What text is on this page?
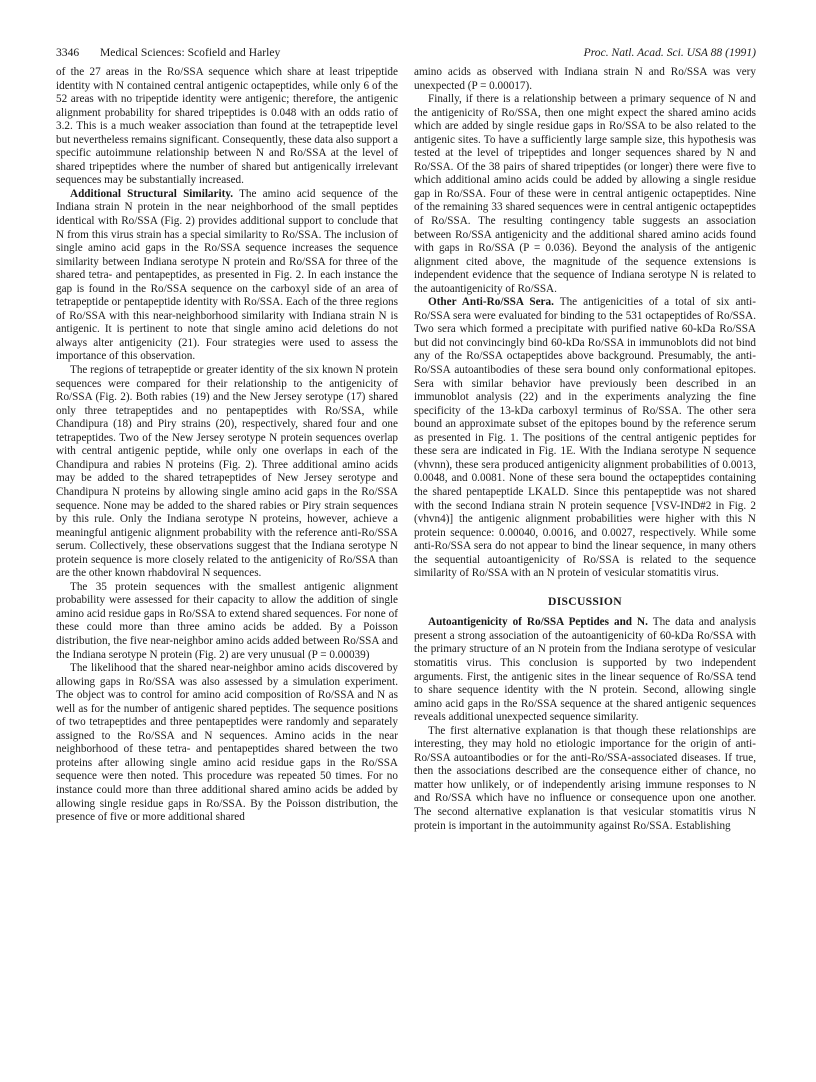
3346 Medical Sciences: Scofield and Harley	Proc. Natl. Acad. Sci. USA 88 (1991)

of the 27 areas in the Ro/SSA sequence which share at least tripeptide identity with N contained central antigenic octapeptides, while only 6 of the 52 areas with no tripeptide identity were antigenic; therefore, the antigenic alignment probability for shared tripeptides is 0.048 with an odds ratio of 3.2. This is a much weaker association than found at the tetrapeptide level but nevertheless remains significant. Consequently, these data also support a specific autoimmune relationship between N and Ro/SSA at the level of shared tripeptides where the number of shared but antigenically irrelevant sequences may be substantially increased.

Additional Structural Similarity. The amino acid sequence of the Indiana strain N protein in the near neighborhood of the small peptides identical with Ro/SSA (Fig. 2) provides additional support to conclude that N from this virus strain has a special similarity to Ro/SSA. The inclusion of single amino acid gaps in the Ro/SSA sequence increases the sequence similarity between Indiana serotype N protein and Ro/SSA for three of the shared tetra- and pentapeptides, as presented in Fig. 2. In each instance the gap is found in the Ro/SSA sequence on the carboxyl side of an area of tetrapeptide or pentapeptide identity with Ro/SSA. Each of the three regions of Ro/SSA with this near-neighborhood similarity with Indiana strain N is antigenic. It is pertinent to note that single amino acid deletions do not always alter antigenicity (21). Four strategies were used to assess the importance of this observation.

The regions of tetrapeptide or greater identity of the six known N protein sequences were compared for their relationship to the antigenicity of Ro/SSA (Fig. 2). Both rabies (19) and the New Jersey serotype (17) shared only three tetrapeptides and no pentapeptides with Ro/SSA, while Chandipura (18) and Piry strains (20), respectively, shared four and one tetrapeptides. Two of the New Jersey serotype N protein sequences overlap with central antigenic peptide, while only one overlaps in each of the Chandipura and rabies N proteins (Fig. 2). Three additional amino acids may be added to the shared tetrapeptides of New Jersey serotype and Chandipura N proteins by allowing single amino acid gaps in the Ro/SSA sequence. None may be added to the shared rabies or Piry strain sequences by this rule. Only the Indiana serotype N proteins, however, achieve a meaningful antigenic alignment probability with the reference anti-Ro/SSA serum. Collectively, these observations suggest that the Indiana serotype N protein sequence is more closely related to the antigenicity of Ro/SSA than are the other known rhabdoviral N sequences.

The 35 protein sequences with the smallest antigenic alignment probability were assessed for their capacity to allow the addition of single amino acid residue gaps in Ro/SSA to extend shared sequences. For none of these could more than three amino acids be added. By a Poisson distribution, the five near-neighbor amino acids added between Ro/SSA and the Indiana serotype N protein (Fig. 2) are very unusual (P = 0.00039)

The likelihood that the shared near-neighbor amino acids discovered by allowing gaps in Ro/SSA was also assessed by a simulation experiment. The object was to control for amino acid composition of Ro/SSA and N as well as for the number of antigenic shared peptides. The sequence positions of two tetrapeptides and three pentapeptides were randomly and separately assigned to the Ro/SSA and N sequences. Amino acids in the near neighborhood of these tetra- and pentapeptides shared between the two proteins after allowing single amino acid residue gaps in the Ro/SSA sequence were then noted. This procedure was repeated 50 times. For no instance could more than three additional shared amino acids be added by allowing single residue gaps in Ro/SSA. By the Poisson distribution, the presence of five or more additional shared

amino acids as observed with Indiana strain N and Ro/SSA was very unexpected (P = 0.00017).

Finally, if there is a relationship between a primary sequence of N and the antigenicity of Ro/SSA, then one might expect the shared amino acids which are added by single residue gaps in Ro/SSA to be also related to the antigenic sites. To have a sufficiently large sample size, this hypothesis was tested at the level of tripeptides and longer sequences shared by N and Ro/SSA. Of the 38 pairs of shared tripeptides (or longer) there were five to which additional amino acids could be added by allowing a single residue gap in Ro/SSA. Four of these were in central antigenic octapeptides. Nine of the remaining 33 shared sequences were in central antigenic octapeptides of Ro/SSA. The resulting contingency table suggests an association between Ro/SSA antigenicity and the additional shared amino acids found with gaps in Ro/SSA (P = 0.036). Beyond the analysis of the antigenic alignment cited above, the magnitude of the sequence extensions is independent evidence that the sequence of Indiana serotype N is related to the autoantigenicity of Ro/SSA.

Other Anti-Ro/SSA Sera. The antigenicities of a total of six anti-Ro/SSA sera were evaluated for binding to the 531 octapeptides of Ro/SSA. Two sera which formed a precipitate with purified native 60-kDa Ro/SSA but did not convincingly bind 60-kDa Ro/SSA in immunoblots did not bind any of the Ro/SSA octapeptides above background. Presumably, the anti-Ro/SSA autoantibodies of these sera bound only conformational epitopes. Sera with similar behavior have previously been described in an immunoblot analysis (22) and in the experiments analyzing the fine specificity of the 13-kDa carboxyl terminus of Ro/SSA. The other sera bound an approximate subset of the epitopes bound by the reference serum as presented in Fig. 1. The positions of the central antigenic peptides for these sera are indicated in Fig. 1E. With the Indiana serotype N sequence (vhvnn), these sera produced antigenicity alignment probabilities of 0.0013, 0.0048, and 0.0081. None of these sera bound the octapeptides containing the shared pentapeptide LKALD. Since this pentapeptide was not shared with the second Indiana strain N protein sequence [VSV-IND#2 in Fig. 2 (vhvn4)] the antigenic alignment probabilities were higher with this N protein sequence: 0.00040, 0.0016, and 0.0027, respectively. While some anti-Ro/SSA sera do not appear to bind the linear sequence, in many others the sequential autoantigenicity of Ro/SSA is related to the sequence similarity of Ro/SSA with an N protein of vesicular stomatitis virus.

DISCUSSION

Autoantigenicity of Ro/SSA Peptides and N. The data and analysis present a strong association of the autoantigenicity of 60-kDa Ro/SSA with the primary structure of an N protein from the Indiana serotype of vesicular stomatitis virus. This conclusion is supported by two independent arguments. First, the antigenic sites in the linear sequence of Ro/SSA tend to share sequence identity with the N protein. Second, allowing single amino acid gaps in the Ro/SSA sequence at the shared antigenic sequences reveals additional unexpected sequence similarity.

The first alternative explanation is that though these relationships are interesting, they may hold no etiologic importance for the origin of anti-Ro/SSA autoantibodies or for the anti-Ro/SSA-associated diseases. If true, then the associations described are the consequence either of chance, no matter how unlikely, or of independently arising immune responses to N and Ro/SSA which have no influence or consequence upon one another. The second alternative explanation is that vesicular stomatitis virus N protein is important in the autoimmunity against Ro/SSA. Establishing
